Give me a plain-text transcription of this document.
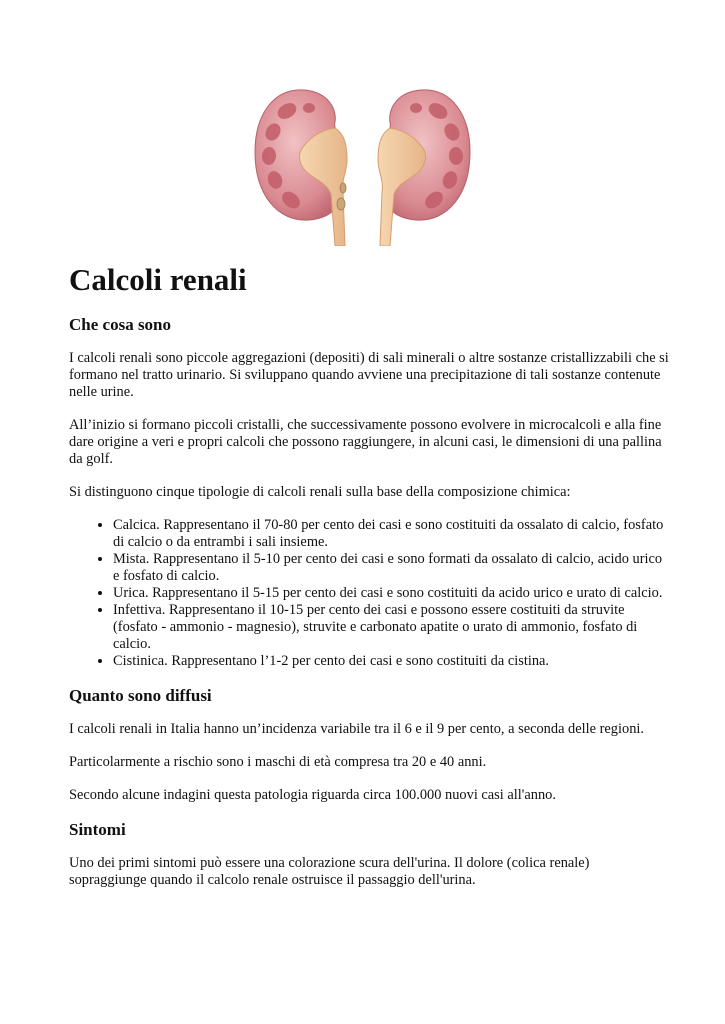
Calcoli renali
Che cosa sono

I calcoli renali sono piccole aggregazioni (depositi) di sali minerali o altre sostanze cristallizzabili che si formano nel tratto urinario. Si sviluppano quando avviene una precipitazione di tali sostanze contenute nelle urine.

All’inizio si formano piccoli cristalli, che successivamente possono evolvere in microcalcoli e alla fine dare origine a veri e propri calcoli che possono raggiungere, in alcuni casi, le dimensioni di una pallina da golf.

Si distinguono cinque tipologie di calcoli renali sulla base della composizione chimica:

• Calcica. Rappresentano il 70-80 per cento dei casi e sono costituiti da ossalato di calcio, fosfato di calcio o da entrambi i sali insieme.
• Mista. Rappresentano il 5-10 per cento dei casi e sono formati da ossalato di calcio, acido urico e fosfato di calcio.
• Urica. Rappresentano il 5-15 per cento dei casi e sono costituiti da acido urico e urato di calcio.
• Infettiva. Rappresentano il 10-15 per cento dei casi e possono essere costituiti da struvite (fosfato - ammonio - magnesio), struvite e carbonato apatite o urato di ammonio, fosfato di calcio.
• Cistinica. Rappresentano l’1-2 per cento dei casi e sono costituiti da cistina.
Quanto sono diffusi

I calcoli renali in Italia hanno un’incidenza variabile tra il 6 e il 9 per cento, a seconda delle regioni.

Particolarmente a rischio sono i maschi di età compresa tra 20 e 40 anni.

Secondo alcune indagini questa patologia riguarda circa 100.000 nuovi casi all'anno.

Sintomi

Uno dei primi sintomi può essere una colorazione scura dell'urina. Il dolore (colica renale) sopraggiunge quando il calcolo renale ostruisce il passaggio dell'urina.
